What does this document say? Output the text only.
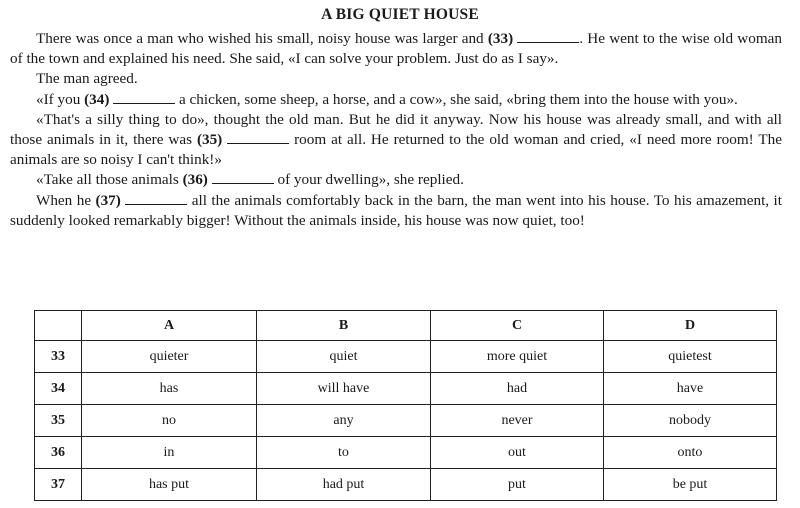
A BIG QUIET HOUSE

There was once a man who wished his small, noisy house was larger and (33)	. He went to the wise old woman of the town and explained his need. She said, «I can solve your problem. Just do as I say».

The man agreed.

«If you (34)	a chicken, some sheep, a horse, and a cow», she said, «bring them into the house with you».

«That's a silly thing to do», thought the old man. But he did it anyway. Now his house was already small, and with all those animals in it, there was (35)	room at all. He returned to the old woman and cried, «I need more room! The animals are so noisy I can't think!»

«Take all those animals (36)	of your dwelling», she replied.

When he (37)	all the animals comfortably back in the barn, the man went into his house. To his amazement, it suddenly looked remarkably bigger! Without the animals inside, his house was now quiet, too!

	A	B	C	D
33	quieter	quiet	more quiet	quietest
34	has	will have	had	have
35	no	any	never	nobody
36	in	to	out	onto
37	has put	had put	put	be put
